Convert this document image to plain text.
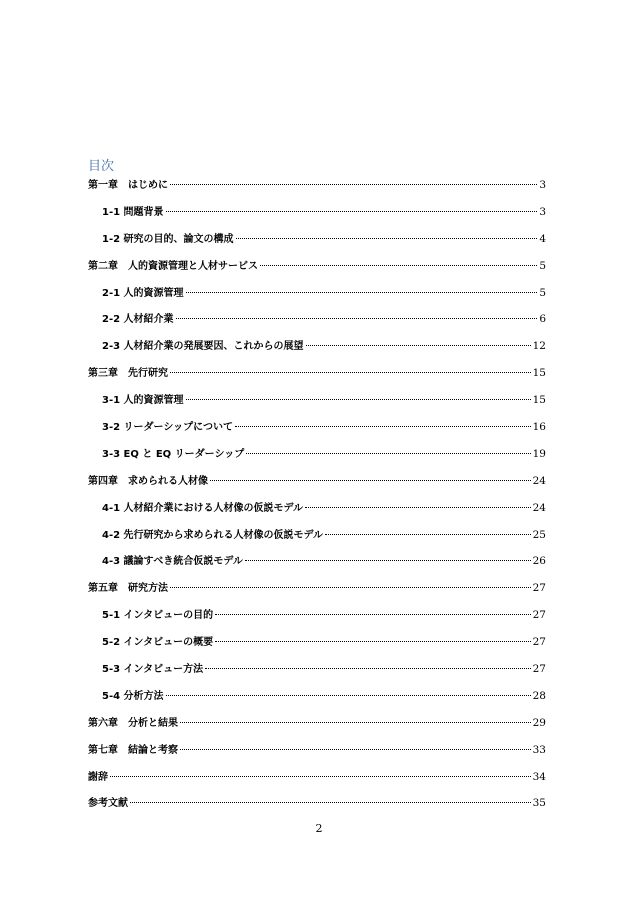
目次
第一章　はじめに	3
1-1 問題背景	3
1-2 研究の目的、論文の構成	4
第二章　人的資源管理と人材サービス	5
2-1 人的資源管理	5
2-2 人材紹介業	6
2-3 人材紹介業の発展要因、これからの展望	12
第三章　先行研究	15
3-1 人的資源管理	15
3-2 リーダーシップについて	16
3-3 EQ と EQ リーダーシップ	19
第四章　求められる人材像	24
4-1 人材紹介業における人材像の仮説モデル	24
4-2 先行研究から求められる人材像の仮説モデル	25
4-3 議論すべき統合仮説モデル	26
第五章　研究方法	27
5-1 インタビューの目的	27
5-2 インタビューの概要	27
5-3 インタビュー方法	27
5-4 分析方法	28
第六章　分析と結果	29
第七章　結論と考察	33
謝辞	34
参考文献	35
2
